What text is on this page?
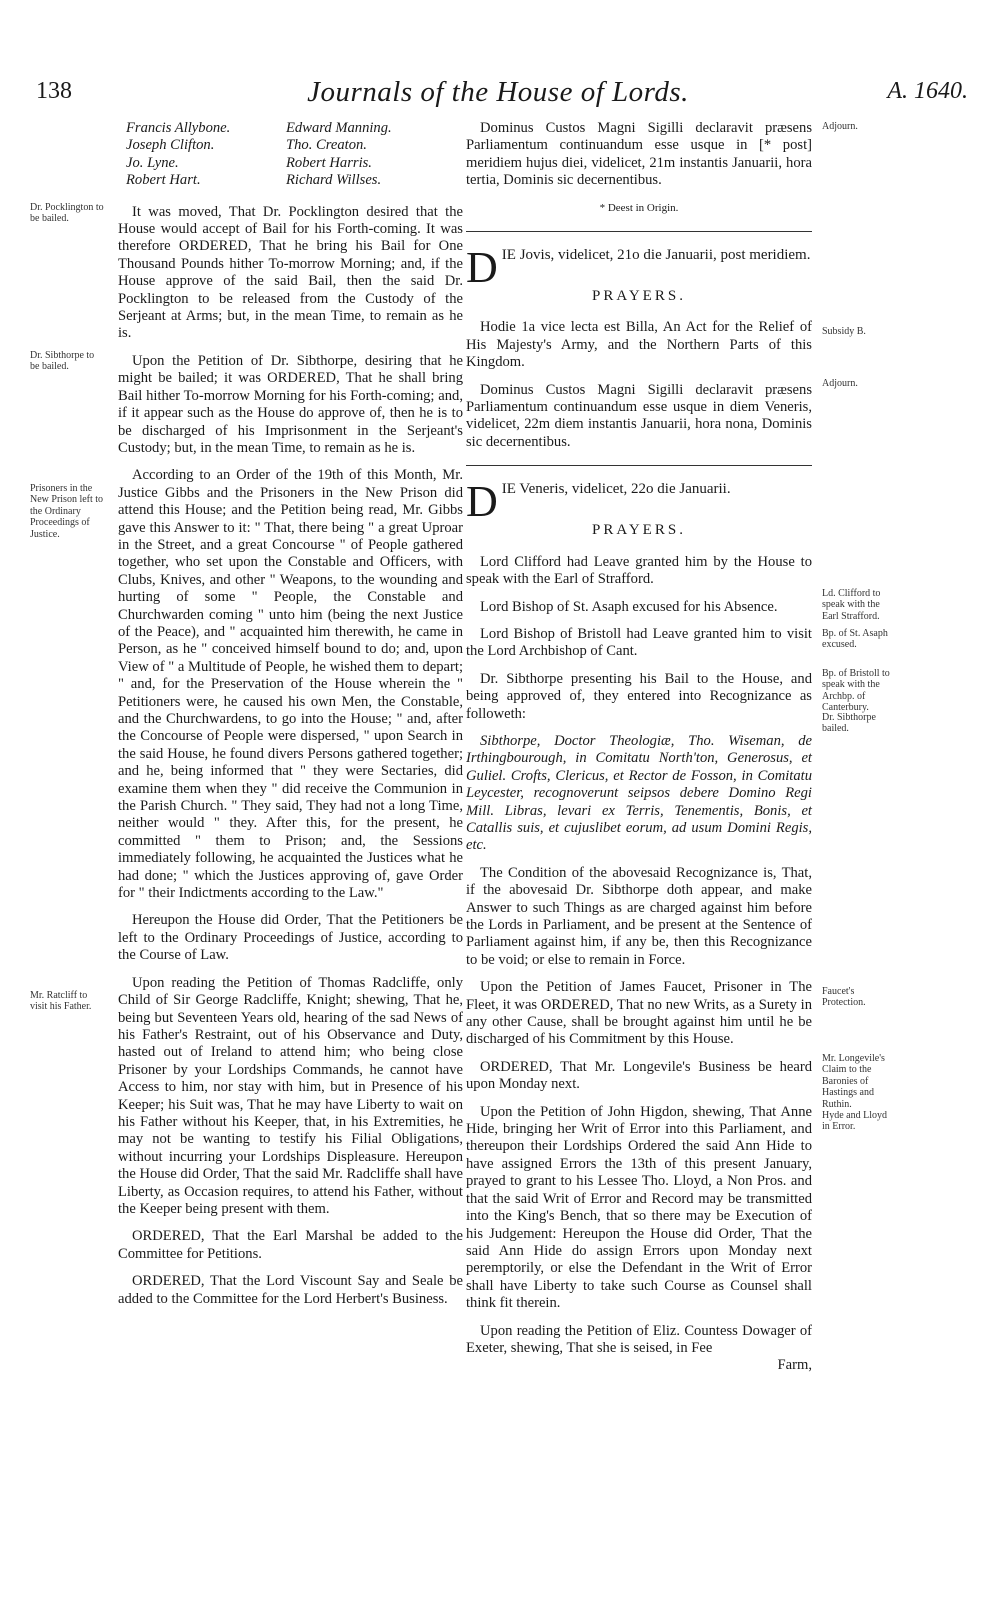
138	Journals of the House of Lords.	A. 1640.
Dr. Pocklington to be bailed.
Dr. Sibthorpe to be bailed.
Prisoners in the New Prison left to the Ordinary Proceedings of Justice.
Mr. Ratcliff to visit his Father.
Adjourn.
Subsidy B.
Adjourn.
Ld. Clifford to speak with the Earl Strafford.
Bp. of St. Asaph excused.
Bp. of Bristoll to speak with the Archbp. of Canterbury.
Dr. Sibthorpe bailed.
Faucet's Protection.
Mr. Longevile's Claim to the Baronies of Hastings and Ruthin.
Hyde and Lloyd in Error.
Francis Allybone.
Joseph Clifton.
Jo. Lyne.
Robert Hart.
Edward Manning.
Tho. Creaton.
Robert Harris.
Richard Willses.

It was moved, That Dr. Pocklington desired that the House would accept of Bail for his Forth-coming. It was therefore ORDERED, That he bring his Bail for One Thousand Pounds hither To-morrow Morning; and, if the House approve of the said Bail, then the said Dr. Pocklington to be released from the Custody of the Serjeant at Arms; but, in the mean Time, to remain as he is.

Upon the Petition of Dr. Sibthorpe, desiring that he might be bailed; it was ORDERED, That he shall bring Bail hither To-morrow Morning for his Forth-coming; and, if it appear such as the House do approve of, then he is to be discharged of his Imprisonment in the Serjeant's Custody; but, in the mean Time, to remain as he is.

According to an Order of the 19th of this Month, Mr. Justice Gibbs and the Prisoners in the New Prison did attend this House; and the Petition being read, Mr. Gibbs gave this Answer to it: " That, there being " a great Uproar in the Street, and a great Concourse " of People gathered together, who set upon the Constable and Officers, with Clubs, Knives, and other " Weapons, to the wounding and hurting of some " People, the Constable and Churchwarden coming " unto him (being the next Justice of the Peace), and " acquainted him therewith, he came in Person, as he " conceived himself bound to do; and, upon View of " a Multitude of People, he wished them to depart; " and, for the Preservation of the House wherein the " Petitioners were, he caused his own Men, the Constable, and the Churchwardens, to go into the House; " and, after the Concourse of People were dispersed, " upon Search in the said House, he found divers Persons gathered together; and he, being informed that " they were Sectaries, did examine them when they " did receive the Communion in the Parish Church. " They said, They had not a long Time, neither would " they. After this, for the present, he committed " them to Prison; and, the Sessions immediately following, he acquainted the Justices what he had done; " which the Justices approving of, gave Order for " their Indictments according to the Law."

Hereupon the House did Order, That the Petitioners be left to the Ordinary Proceedings of Justice, according to the Course of Law.

Upon reading the Petition of Thomas Radcliffe, only Child of Sir George Radcliffe, Knight; shewing, That he, being but Seventeen Years old, hearing of the sad News of his Father's Restraint, out of his Observance and Duty, hasted out of Ireland to attend him; who being close Prisoner by your Lordships Commands, he cannot have Access to him, nor stay with him, but in Presence of his Keeper; his Suit was, That he may have Liberty to wait on his Father without his Keeper, that, in his Extremities, he may not be wanting to testify his Filial Obligations, without incurring your Lordships Displeasure. Hereupon the House did Order, That the said Mr. Radcliffe shall have Liberty, as Occasion requires, to attend his Father, without the Keeper being present with them.

ORDERED, That the Earl Marshal be added to the Committee for Petitions.

ORDERED, That the Lord Viscount Say and Seale be added to the Committee for the Lord Herbert's Business.

Dominus Custos Magni Sigilli declaravit præsens Parliamentum continuandum esse usque in [* post] meridiem hujus diei, videlicet, 21m instantis Januarii, hora tertia, Dominis sic decernentibus.

* Deest in Origin.
D IE Jovis, videlicet, 21o die Januarii, post meridiem.
PRAYERS.

Hodie 1a vice lecta est Billa, An Act for the Relief of His Majesty's Army, and the Northern Parts of this Kingdom.

Dominus Custos Magni Sigilli declaravit præsens Parliamentum continuandum esse usque in diem Veneris, videlicet, 22m diem instantis Januarii, hora nona, Dominis sic decernentibus.

D IE Veneris, videlicet, 22o die Januarii.
PRAYERS.

Lord Clifford had Leave granted him by the House to speak with the Earl of Strafford.

Lord Bishop of St. Asaph excused for his Absence.

Lord Bishop of Bristoll had Leave granted him to visit the Lord Archbishop of Cant.

Dr. Sibthorpe presenting his Bail to the House, and being approved of, they entered into Recognizance as followeth:

Sibthorpe, Doctor Theologiæ, Tho. Wiseman, de Irthingbourough, in Comitatu North'ton, Generosus, et Guliel. Crofts, Clericus, et Rector de Fosson, in Comitatu Leycester, recognoverunt seipsos debere Domino Regi Mill. Libras, levari ex Terris, Tenementis, Bonis, et Catallis suis, et cujuslibet eorum, ad usum Domini Regis, etc.

The Condition of the abovesaid Recognizance is, That, if the abovesaid Dr. Sibthorpe doth appear, and make Answer to such Things as are charged against him before the Lords in Parliament, and be present at the Sentence of Parliament against him, if any be, then this Recognizance to be void; or else to remain in Force.

Upon the Petition of James Faucet, Prisoner in The Fleet, it was ORDERED, That no new Writs, as a Surety in any other Cause, shall be brought against him until he be discharged of his Commitment by this House.

ORDERED, That Mr. Longevile's Business be heard upon Monday next.

Upon the Petition of John Higdon, shewing, That Anne Hide, bringing her Writ of Error into this Parliament, and thereupon their Lordships Ordered the said Ann Hide to have assigned Errors the 13th of this present January, prayed to grant to his Lessee Tho. Lloyd, a Non Pros. and that the said Writ of Error and Record may be transmitted into the King's Bench, that so there may be Execution of his Judgement: Hereupon the House did Order, That the said Ann Hide do assign Errors upon Monday next peremptorily, or else the Defendant in the Writ of Error shall have Liberty to take such Course as Counsel shall think fit therein.

Upon reading the Petition of Eliz. Countess Dowager of Exeter, shewing, That she is seised, in Fee

Farm,
